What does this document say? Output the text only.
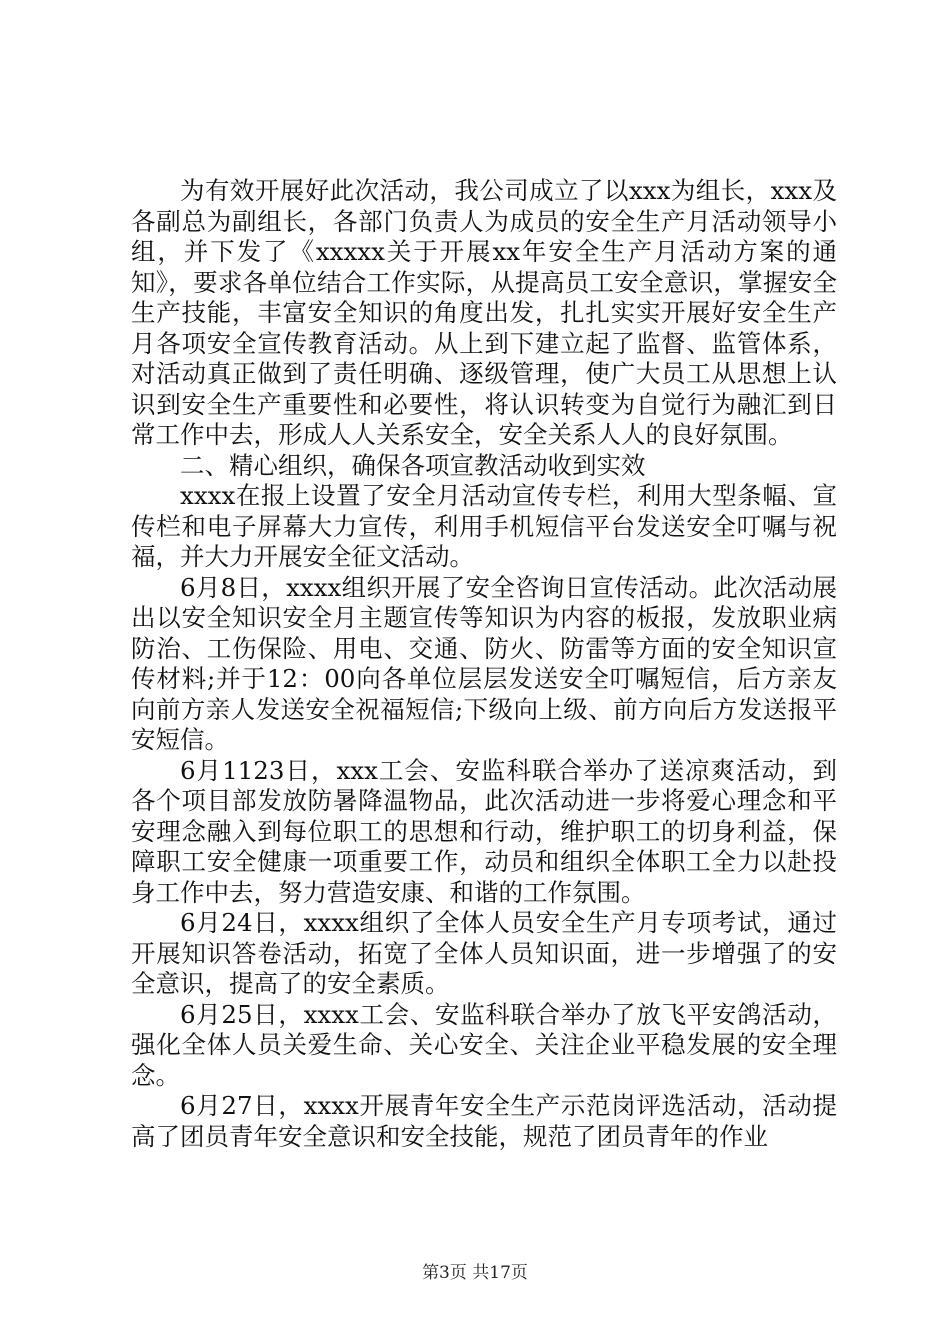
为有效开展好此次活动，我公司成立了以xxx为组长，xxx及各副总为副组长，各部门负责人为成员的安全生产月活动领导小组，并下发了《xxxxx关于开展xx年安全生产月活动方案的通知》，要求各单位结合工作实际，从提高员工安全意识，掌握安全生产技能，丰富安全知识的角度出发，扎扎实实开展好安全生产月各项安全宣传教育活动。从上到下建立起了监督、监管体系，对活动真正做到了责任明确、逐级管理，使广大员工从思想上认识到安全生产重要性和必要性，将认识转变为自觉行为融汇到日常工作中去，形成人人关系安全，安全关系人人的良好氛围。

二、精心组织，确保各项宣教活动收到实效

xxxx在报上设置了安全月活动宣传专栏，利用大型条幅、宣传栏和电子屏幕大力宣传，利用手机短信平台发送安全叮嘱与祝福，并大力开展安全征文活动。

6月8日，xxxx组织开展了安全咨询日宣传活动。此次活动展出以安全知识安全月主题宣传等知识为内容的板报，发放职业病防治、工伤保险、用电、交通、防火、防雷等方面的安全知识宣传材料;并于12：00向各单位层层发送安全叮嘱短信，后方亲友向前方亲人发送安全祝福短信;下级向上级、前方向后方发送报平安短信。

6月1123日，xxx工会、安监科联合举办了送凉爽活动，到各个项目部发放防暑降温物品，此次活动进一步将爱心理念和平安理念融入到每位职工的思想和行动，维护职工的切身利益，保障职工安全健康一项重要工作，动员和组织全体职工全力以赴投身工作中去，努力营造安康、和谐的工作氛围。

6月24日，xxxx组织了全体人员安全生产月专项考试，通过开展知识答卷活动，拓宽了全体人员知识面，进一步增强了的安全意识，提高了的安全素质。

6月25日，xxxx工会、安监科联合举办了放飞平安鸽活动，强化全体人员关爱生命、关心安全、关注企业平稳发展的安全理念。

6月27日，xxxx开展青年安全生产示范岗评选活动，活动提高了团员青年安全意识和安全技能，规范了团员青年的作业

第3页 共17页
